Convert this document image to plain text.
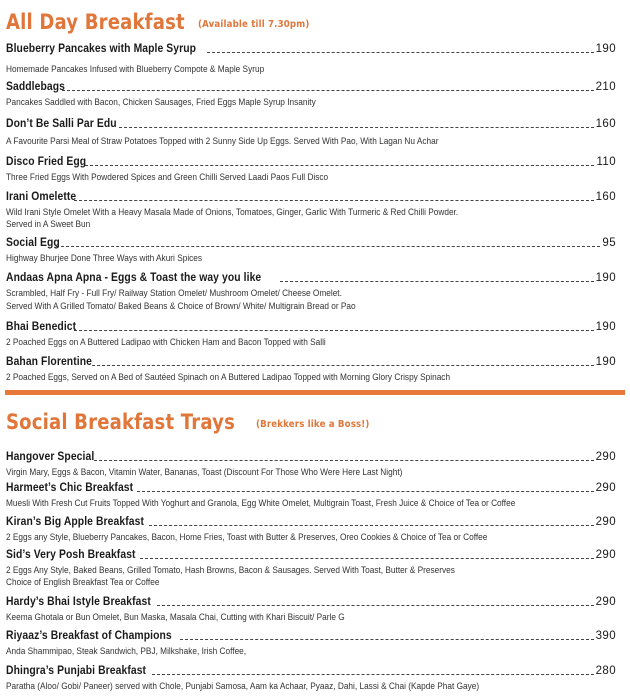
All Day Breakfast (Available till 7.30pm)
Blueberry Pancakes with Maple Syrup	190
Homemade Pancakes Infused with Blueberry Compote & Maple Syrup
Saddlebags	210
Pancakes Saddled with Bacon, Chicken Sausages, Fried Eggs Maple Syrup Insanity
Don’t Be Salli Par Edu	160
A Favourite Parsi Meal of Straw Potatoes Topped with 2 Sunny Side Up Eggs. Served With Pao, With Lagan Nu Achar
Disco Fried Egg	110
Three Fried Eggs With Powdered Spices and Green Chilli Served Laadi Paos Full Disco
Irani Omelette	160
Wild Irani Style Omelet With a Heavy Masala Made of Onions, Tomatoes, Ginger, Garlic With Turmeric & Red Chilli Powder.
Served in A Sweet Bun
Social Egg	95
Highway Bhurjee Done Three Ways with Akuri Spices
Andaas Apna Apna - Eggs & Toast the way you like	190
Scrambled, Half Fry - Full Fry/ Railway Station Omelet/ Mushroom Omelet/ Cheese Omelet.
Served With A Grilled Tomato/ Baked Beans & Choice of Brown/ White/ Multigrain Bread or Pao
Bhai Benedict	190
2 Poached Eggs on A Buttered Ladipao with Chicken Ham and Bacon Topped with Salli
Bahan Florentine	190
2 Poached Eggs, Served on A Bed of Sautéed Spinach on A Buttered Ladipao Topped with Morning Glory Crispy Spinach
Social Breakfast Trays (Brekkers like a Boss!)
Hangover Special	290
Virgin Mary, Eggs & Bacon, Vitamin Water, Bananas, Toast (Discount For Those Who Were Here Last Night)
Harmeet’s Chic Breakfast	290
Muesli With Fresh Cut Fruits Topped With Yoghurt and Granola, Egg White Omelet, Multigrain Toast, Fresh Juice & Choice of Tea or Coffee
Kiran’s Big Apple Breakfast	290
2 Eggs any Style, Blueberry Pancakes, Bacon, Home Fries, Toast with Butter & Preserves, Oreo Cookies & Choice of Tea or Coffee
Sid’s Very Posh Breakfast	290
2 Eggs Any Style, Baked Beans, Grilled Tomato, Hash Browns, Bacon & Sausages. Served With Toast, Butter & Preserves
Choice of English Breakfast Tea or Coffee
Hardy’s Bhai Istyle Breakfast	290
Keema Ghotala or Bun Omelet, Bun Maska, Masala Chai, Cutting with Khari Biscuit/ Parle G
Riyaaz’s Breakfast of Champions	390
Anda Shammipao, Steak Sandwich, PBJ, Milkshake, Irish Coffee,
Dhingra’s Punjabi Breakfast	280
Paratha (Aloo/ Gobi/ Paneer) served with Chole, Punjabi Samosa, Aam ka Achaar, Pyaaz, Dahi, Lassi & Chai (Kapde Phat Gaye)
